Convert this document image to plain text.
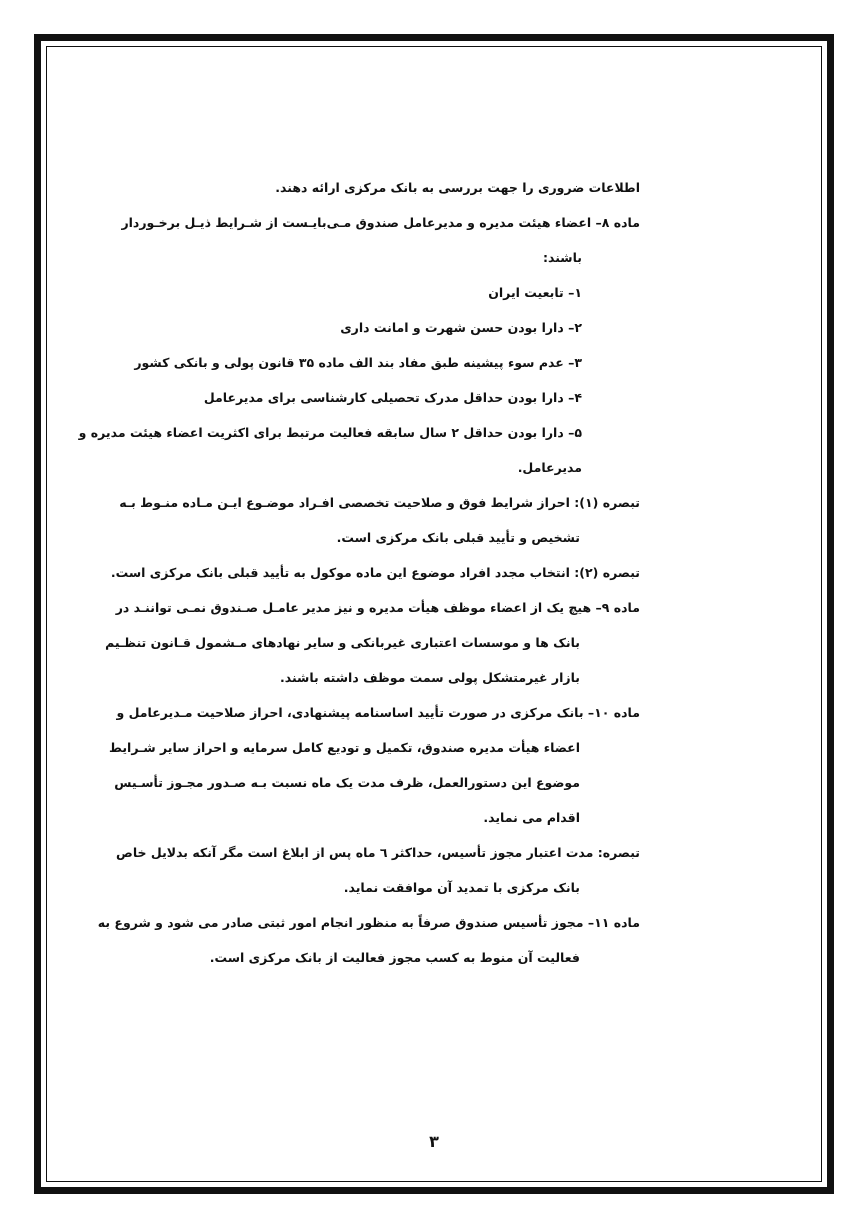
اطلاعات ضروری را جهت بررسی به بانک مرکزی ارائه دهند.
ماده ۸– اعضاء هیئت مدیره و مدیرعامل صندوق مـی‌بایـست از شـرایط ذیـل برخـوردار
باشند:
۱– تابعیت ایران
۲– دارا بودن حسن شهرت و امانت داری
۳– عدم سوء پیشینه طبق مفاد بند الف ماده ۳۵ قانون پولی و بانکی کشور
۴– دارا بودن حداقل مدرک تحصیلی کارشناسی برای مدیرعامل
۵– دارا بودن حداقل ۲ سال سابقه فعالیت مرتبط برای اکثریت اعضاء هیئت مدیره و
مدیرعامل.
تبصره (۱): احراز شرایط فوق و صلاحیت تخصصی افـراد موضـوع ایـن مـاده منـوط بـه
تشخیص و تأیید قبلی بانک مرکزی است.
تبصره (۲): انتخاب مجدد افراد موضوع این ماده موکول به تأیید قبلی بانک مرکزی است.
ماده ۹– هیچ یک از اعضاء موظف هیأت مدیره و نیز مدیر عامـل صـندوق نمـی تواننـد در
بانک ها و موسسات اعتباری غیربانکی و سایر نهادهای مـشمول قـانون تنظـیم
بازار غیرمتشکل پولی سمت موظف داشته باشند.
ماده ۱۰– بانک مرکزی در صورت تأیید اساسنامه پیشنهادی، احراز صلاحیت مـدیرعامل و
اعضاء هیأت مدیره صندوق، تکمیل و تودیع کامل سرمایه و احراز سایر شـرایط
موضوع این دستورالعمل، ظرف مدت یک ماه نسبت بـه صـدور مجـوز تأسـیس
اقدام می نماید.
تبصره: مدت اعتبار مجوز تأسیس، حداکثر ٦ ماه پس از ابلاغ است مگر آنکه بدلایل خاص
بانک مرکزی با تمدید آن موافقت نماید.
ماده ۱۱– مجوز تأسیس صندوق صرفاً به منظور انجام امور ثبتی صادر می شود و شروع به
فعالیت آن منوط به کسب مجوز فعالیت از بانک مرکزی است.
۳
